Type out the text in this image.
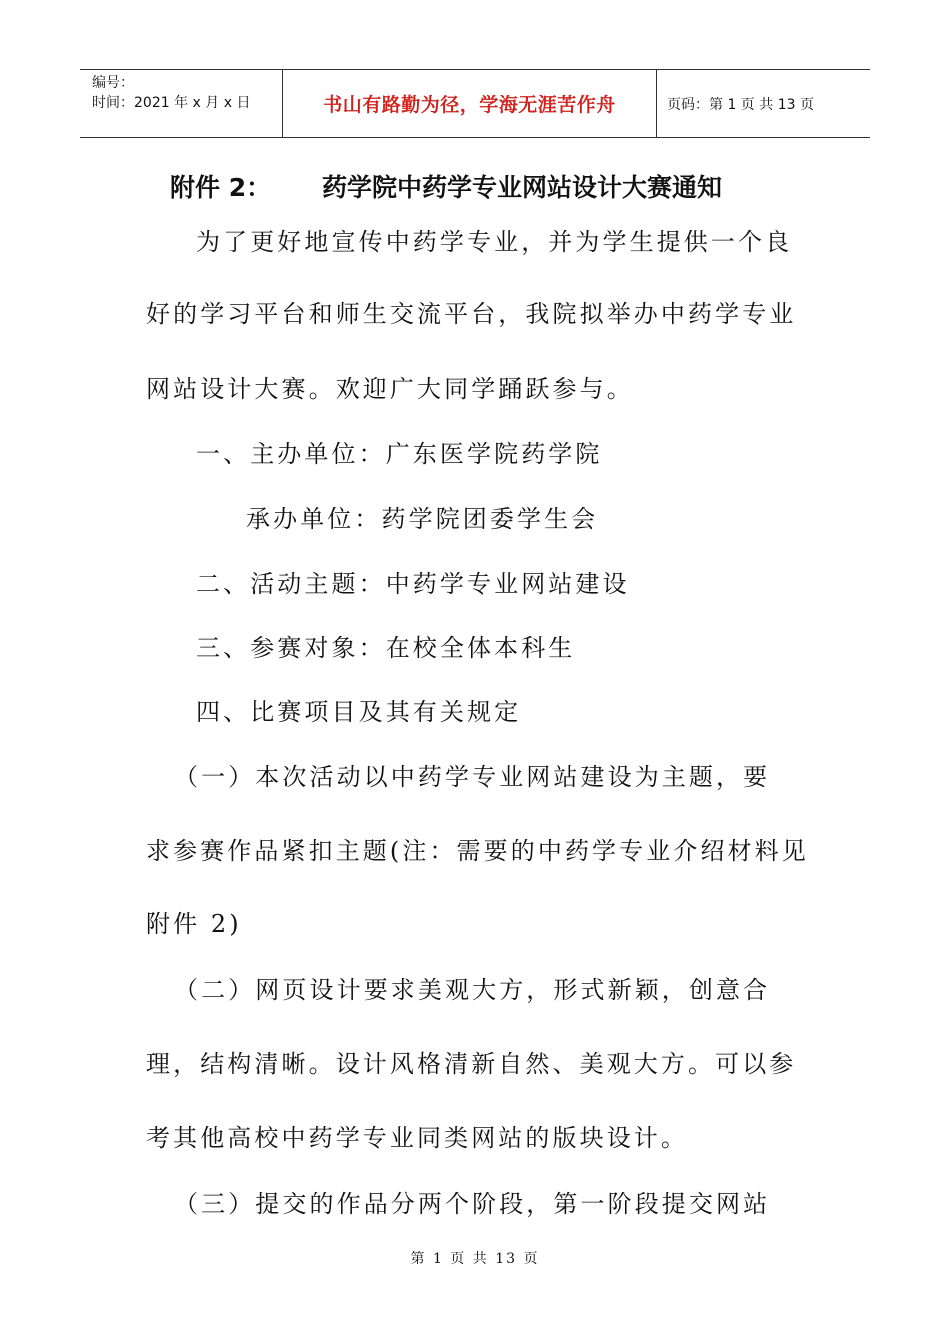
编号：
时间：2021 年 x 月 x 日	书山有路勤为径，学海无涯苦作舟	页码：第 1 页 共 13 页
附件 2： 药学院中药学专业网站设计大赛通知
为了更好地宣传中药学专业，并为学生提供一个良
好的学习平台和师生交流平台，我院拟举办中药学专业
网站设计大赛。欢迎广大同学踊跃参与。
一、主办单位：广东医学院药学院
承办单位：药学院团委学生会
二、活动主题：中药学专业网站建设
三、参赛对象：在校全体本科生
四、比赛项目及其有关规定
（一）本次活动以中药学专业网站建设为主题，要
求参赛作品紧扣主题(注：需要的中药学专业介绍材料见
附件 2)
（二）网页设计要求美观大方，形式新颖，创意合
理，结构清晰。设计风格清新自然、美观大方。可以参
考其他高校中药学专业同类网站的版块设计。
（三）提交的作品分两个阶段，第一阶段提交网站
第 1 页 共 13 页
